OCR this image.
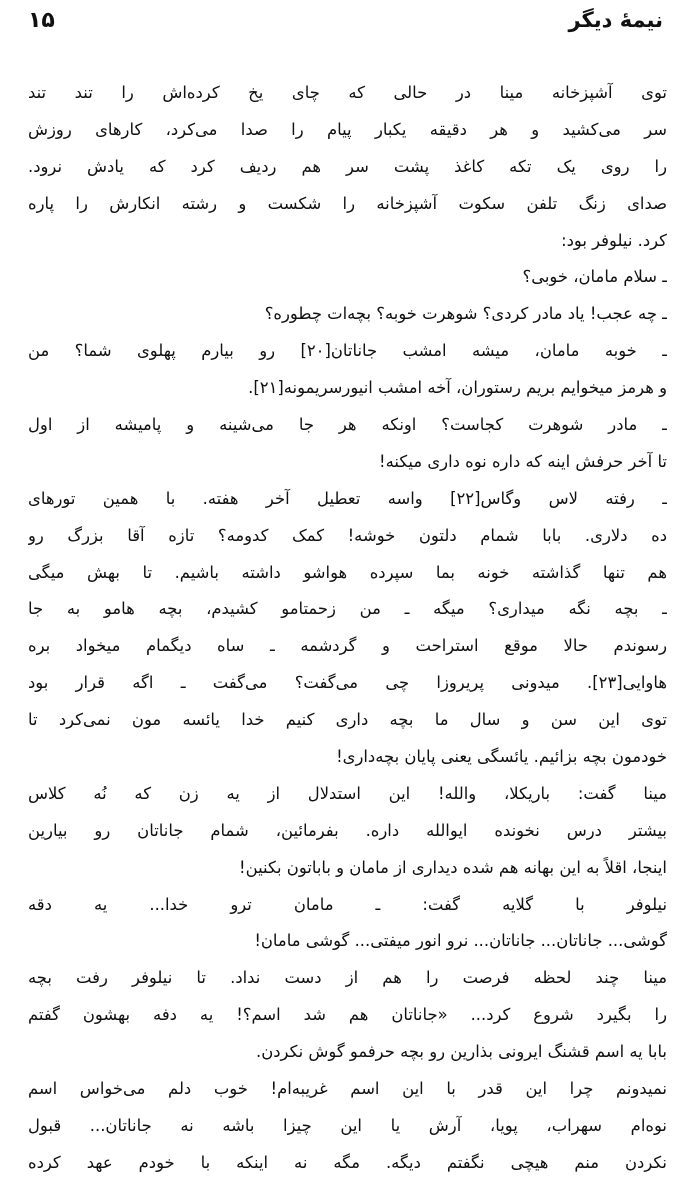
نیمهٔ دیگر
۱۵
توی آشپزخانه مینا در حالی که چای یخ کرده‌اش را تند تند
سر می‌کشید و هر دقیقه یکبار پیام را صدا می‌کرد، کارهای روزش
را روی یک تکه کاغذ پشت سر هم ردیف کرد که یادش نرود.
صدای زنگ تلفن سکوت آشپزخانه را شکست و رشته انکارش را پاره
کرد. نیلوفر بود:
ـ سلام مامان، خوبی؟
ـ چه عجب! یاد مادر کردی؟ شوهرت خوبه؟ بچه‌ات چطوره؟
ـ خوبه مامان، میشه امشب جاناتان[۲۰] رو بیارم پهلوی شما؟ من
و هرمز میخوایم بریم رستوران، آخه امشب انیورسریمونه[۲۱].
ـ مادر شوهرت کجاست؟ اونکه هر جا می‌شینه و پامیشه از اول
تا آخر حرفش اینه که داره نوه داری میکنه!
ـ رفته لاس وگاس[۲۲] واسه تعطیل آخر هفته. با همین تورهای
ده دلاری. بابا شمام دلتون خوشه! کمک کدومه؟ تازه آقا بزرگ رو
هم تنها گذاشته خونه بما سپرده هواشو داشته باشیم. تا بهش میگی
ـ بچه نگه میداری؟ میگه ـ من زحمتامو کشیدم، بچه هامو به جا
رسوندم حالا موقع استراحت و گردشمه ـ ساه دیگمام میخواد بره
هاوایی[۲۳]. میدونی پریروزا چی می‌گفت؟ می‌گفت ـ اگه قرار بود
توی این سن و سال ما بچه داری کنیم خدا یائسه مون نمی‌کرد تا
خودمون بچه بزائیم. یائسگی یعنی پایان بچه‌داری!
مینا گفت: باریکلا، والله! این استدلال از یه زن که نُه کلاس
بیشتر درس نخونده ایوالله داره. بفرمائین، شمام جاناتان رو بیارین
اینجا، اقلاً به این بهانه هم شده دیداری از مامان و باباتون بکنین!
نیلوفر با گلایه گفت: ـ مامان ترو خدا... یه دقه
گوشی... جاناتان... جاناتان... نرو انور میفتی... گوشی مامان!
مینا چند لحظه فرصت را هم از دست نداد. تا نیلوفر رفت بچه
را بگیرد شروع کرد... «جاناتان هم شد اسم؟! یه دفه بهشون گفتم
بابا یه اسم قشنگ ایرونی بذارین رو بچه حرفمو گوش نکردن.
نمیدونم چرا این قدر با این اسم غریبه‌ام! خوب دلم می‌خواس اسم
نوه‌ام سهراب، پویا، آرش یا این چیزا باشه نه جاناتان... قبول
نکردن منم هیچی نگفتم دیگه. مگه نه اینکه با خودم عهد کرده
